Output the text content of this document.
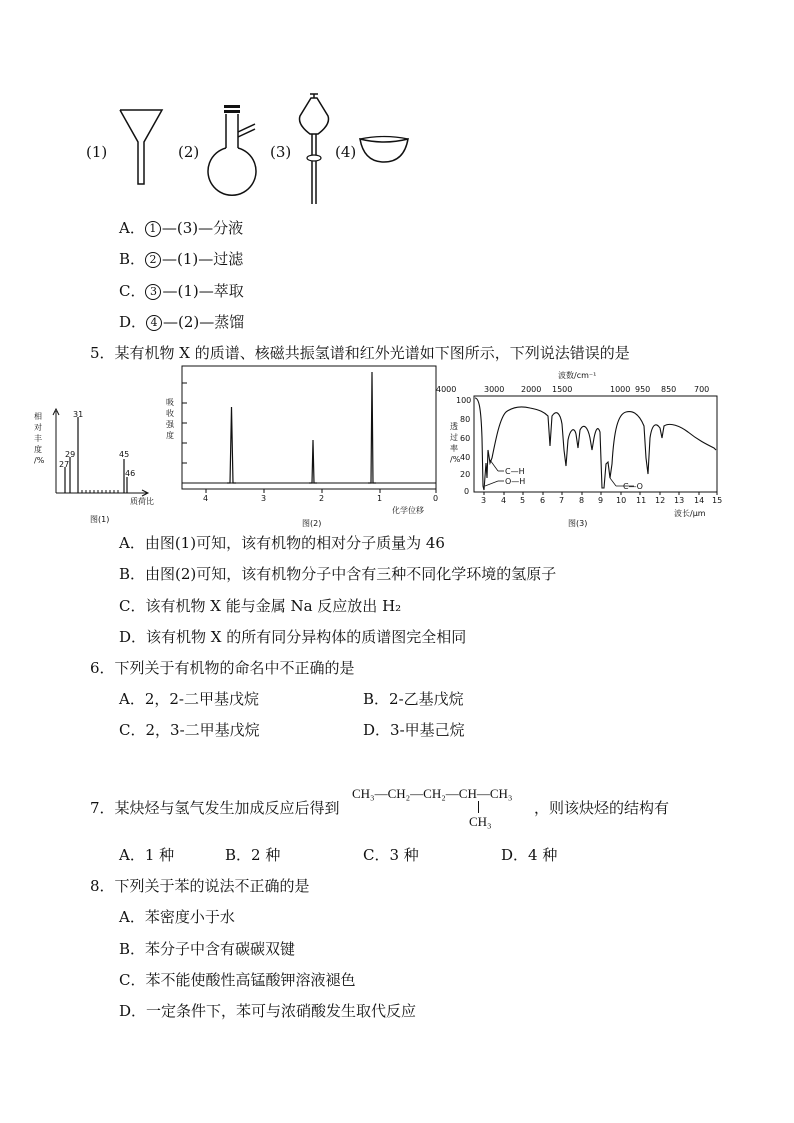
(1)	(2)	(3)	(4)
A． 1 —(3)—分液
B． 2 —(1)—过滤
C． 3 —(1)—萃取
D． 4 —(2)—蒸馏
5．某有机物 X 的质谱、核磁共振氢谱和红外光谱如下图所示，下列说法错误的是
相
对
丰
度
/% 27
29
31
45
46
质荷比
图(1)
吸
收
强
度
4	3	2	1	0
化学位移
图(2)
波数/cm⁻¹
4000	3000 2000 1500	1000 950 850 700
透
过
率
/%
100
80
60
40
20
0
C—H
O—H
C—O
3 4 5 6 7 8 9 10 11 12 13 14 15
波长/μm
图(3)
A．由图(1)可知，该有机物的相对分子质量为 46
B．由图(2)可知，该有机物分子中含有三种不同化学环境的氢原子
C．该有机物 X 能与金属 Na 反应放出 H₂
D．该有机物 X 的所有同分异构体的质谱图完全相同
6．下列关于有机物的命名中不正确的是
A．2，2-二甲基戊烷	B．2-乙基戊烷
C．2，3-二甲基戊烷	D．3-甲基己烷
7．某炔烃与氢气发生加成反应后得到
CH₃—CH₂—CH₂—CH—CH₃
CH₃
，则该炔烃的结构有
A．1 种	B．2 种	C．3 种	D．4 种
8．下列关于苯的说法不正确的是
A．苯密度小于水
B．苯分子中含有碳碳双键
C．苯不能使酸性高锰酸钾溶液褪色
D．一定条件下，苯可与浓硝酸发生取代反应
